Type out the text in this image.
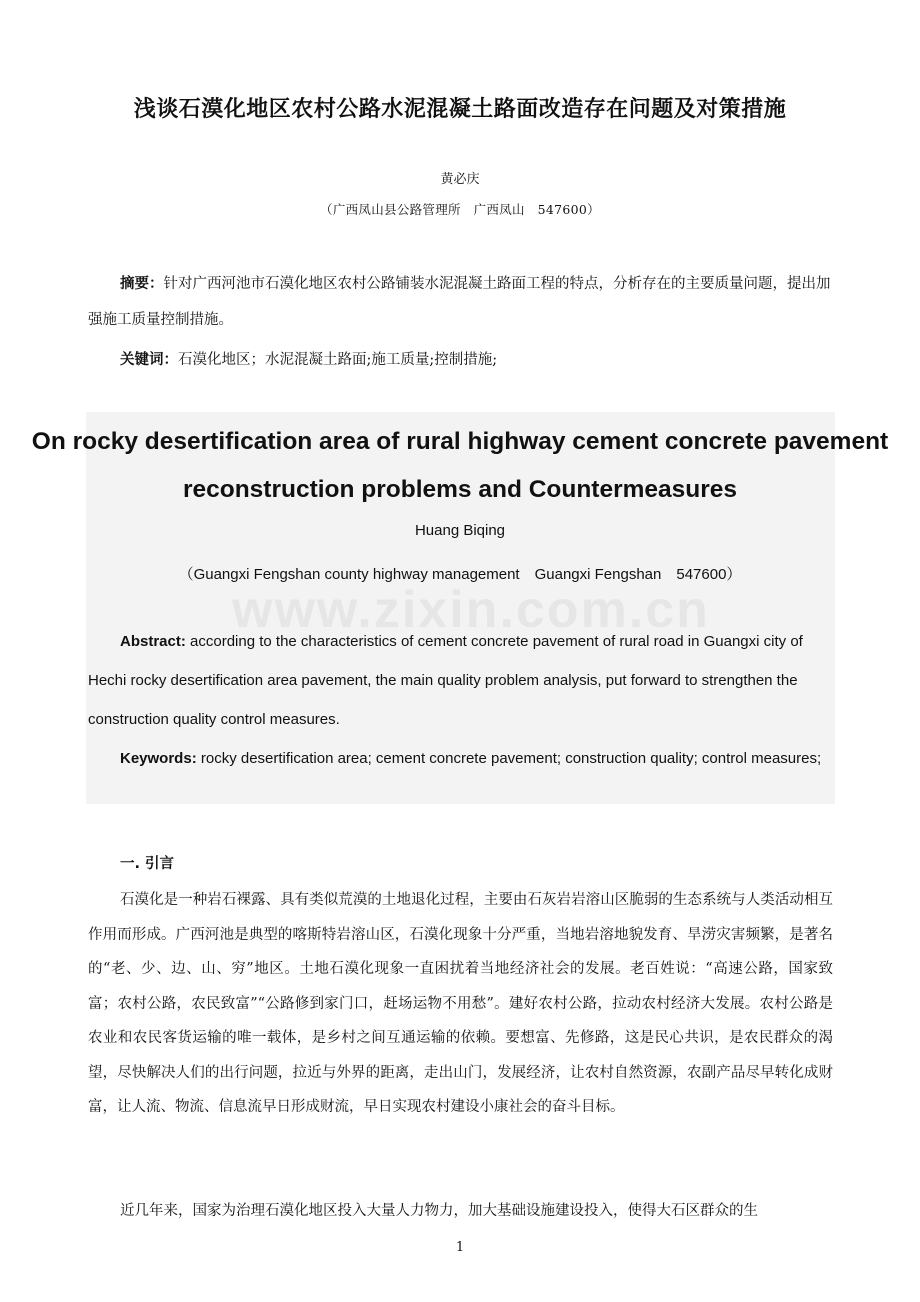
浅谈石漠化地区农村公路水泥混凝土路面改造存在问题及对策措施
黄必庆
（广西凤山县公路管理所　广西凤山　547600）

摘要：针对广西河池市石漠化地区农村公路铺装水泥混凝土路面工程的特点，分析存在的主要质量问题，提出加强施工质量控制措施。

关键词：石漠化地区；水泥混凝土路面;施工质量;控制措施;

On rocky desertification area of rural highway cement concrete pavement reconstruction problems and Countermeasures
Huang Biqing
（Guangxi Fengshan county highway management　Guangxi Fengshan　547600）

Abstract: according to the characteristics of cement concrete pavement of rural road in Guangxi city of Hechi rocky desertification area pavement, the main quality problem analysis, put forward to strengthen the construction quality control measures.

Keywords: rocky desertification area; cement concrete pavement; construction quality; control measures;

www.zixin.com.cn
一. 引言

石漠化是一种岩石裸露、具有类似荒漠的土地退化过程，主要由石灰岩岩溶山区脆弱的生态系统与人类活动相互作用而形成。广西河池是典型的喀斯特岩溶山区，石漠化现象十分严重，当地岩溶地貌发育、旱涝灾害频繁，是著名的“老、少、边、山、穷”地区。土地石漠化现象一直困扰着当地经济社会的发展。老百姓说：“高速公路，国家致富；农村公路，农民致富”“公路修到家门口，赶场运物不用愁”。建好农村公路，拉动农村经济大发展。农村公路是农业和农民客货运输的唯一载体，是乡村之间互通运输的依赖。要想富、先修路，这是民心共识，是农民群众的渴望，尽快解决人们的出行问题，拉近与外界的距离，走出山门，发展经济，让农村自然资源，农副产品尽早转化成财富，让人流、物流、信息流早日形成财流，早日实现农村建设小康社会的奋斗目标。

近几年来，国家为治理石漠化地区投入大量人力物力，加大基础设施建设投入，使得大石区群众的生

1
